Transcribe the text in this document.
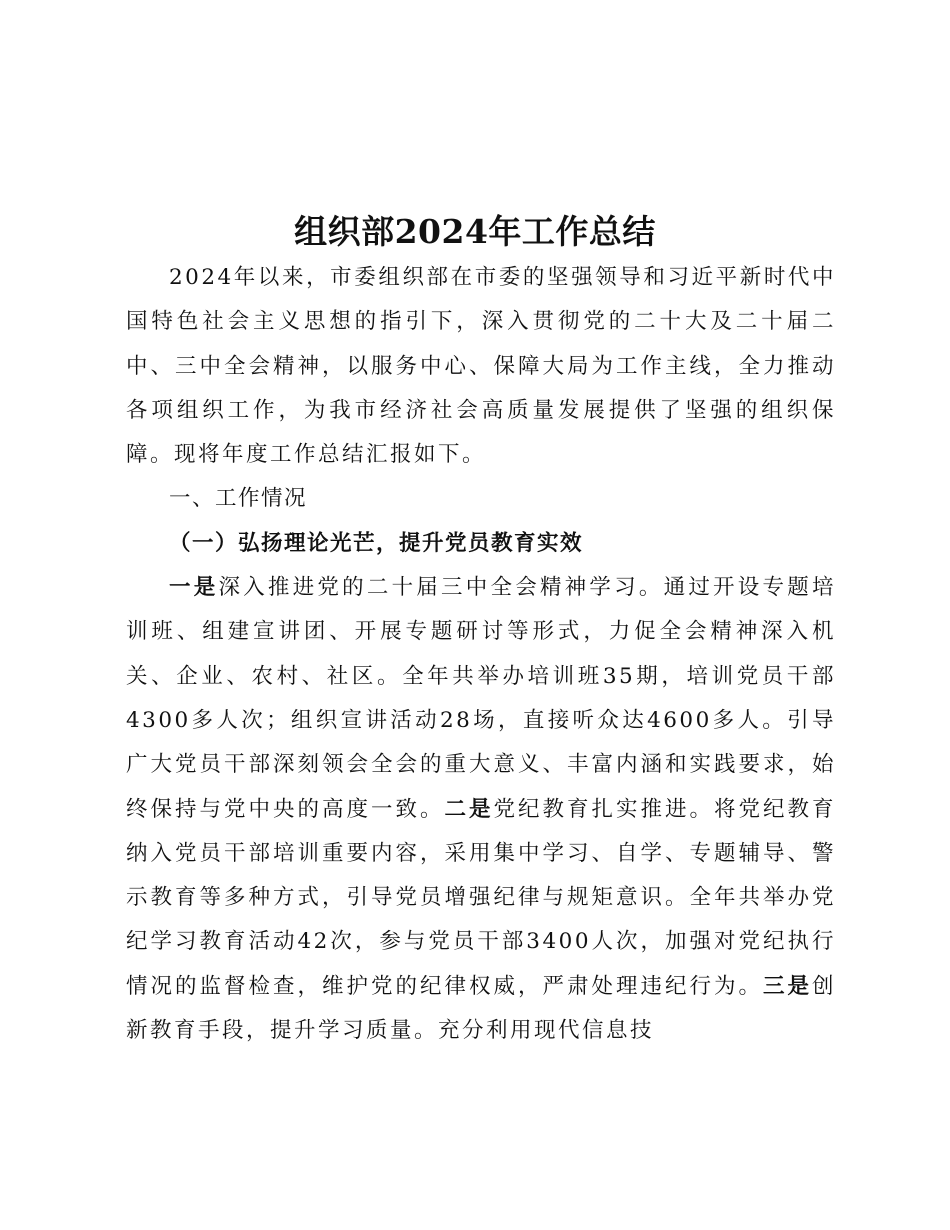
组织部2024年工作总结

2024年以来，市委组织部在市委的坚强领导和习近平新时代中国特色社会主义思想的指引下，深入贯彻党的二十大及二十届二中、三中全会精神，以服务中心、保障大局为工作主线，全力推动各项组织工作，为我市经济社会高质量发展提供了坚强的组织保障。现将年度工作总结汇报如下。

一、工作情况

（一）弘扬理论光芒，提升党员教育实效

一是深入推进党的二十届三中全会精神学习。通过开设专题培训班、组建宣讲团、开展专题研讨等形式，力促全会精神深入机关、企业、农村、社区。全年共举办培训班35期，培训党员干部4300多人次；组织宣讲活动28场，直接听众达4600多人。引导广大党员干部深刻领会全会的重大意义、丰富内涵和实践要求，始终保持与党中央的高度一致。二是党纪教育扎实推进。将党纪教育纳入党员干部培训重要内容，采用集中学习、自学、专题辅导、警示教育等多种方式，引导党员增强纪律与规矩意识。全年共举办党纪学习教育活动42次，参与党员干部3400人次，加强对党纪执行情况的监督检查，维护党的纪律权威，严肃处理违纪行为。三是创新教育手段，提升学习质量。充分利用现代信息技
